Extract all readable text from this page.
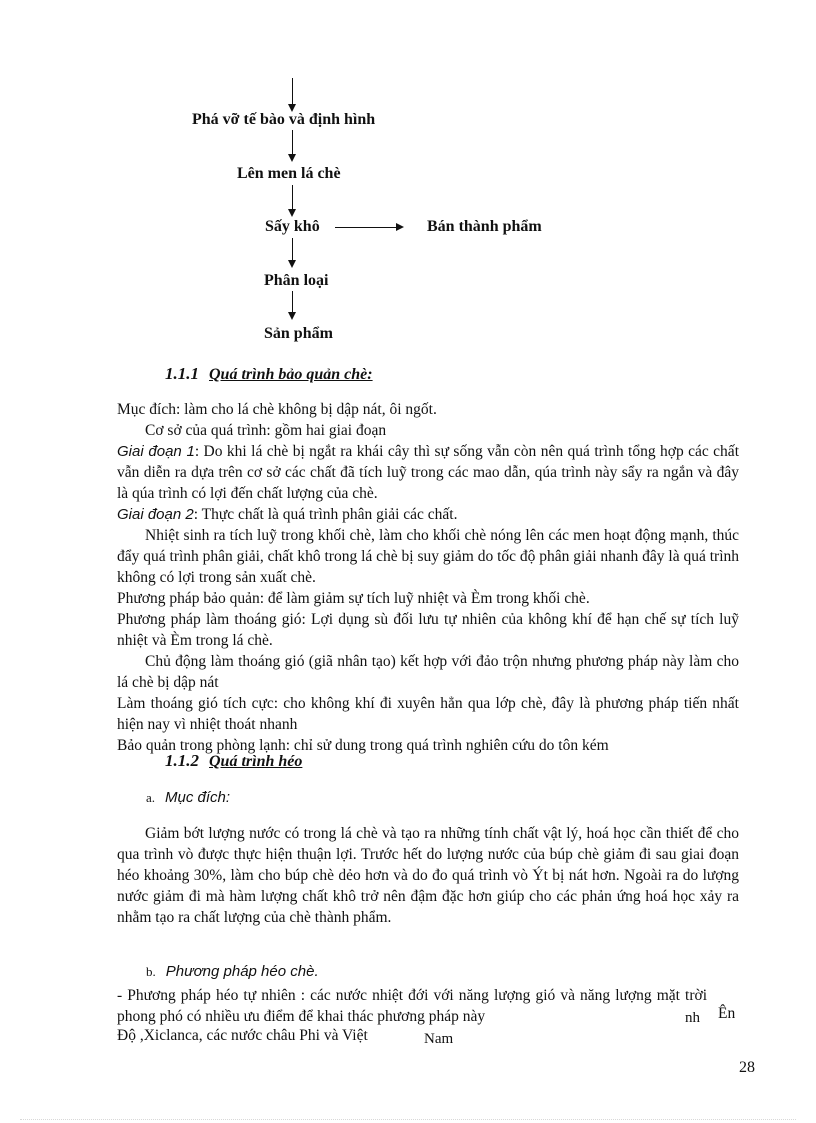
Phá vỡ tế bào và định hình
Lên men lá chè
Sấy khô	Bán thành phẩm
Phân loại
Sản phẩm
1.1.1 Quá trình bảo quản chè:

Mục đích: làm cho lá chè không bị dập nát, ôi ngốt.

Cơ sở của quá trình: gồm hai giai đoạn

Giai đoạn 1: Do khi lá chè bị ngắt ra khái cây thì sự sống vẫn còn nên quá trình tổng hợp các chất vẫn diễn ra dựa trên cơ sở các chất đã tích luỹ trong các mao dẫn, qúa trình này sẩy ra ngắn và đây là qúa trình có lợi đến chất lượng của chè.

Giai đoạn 2: Thực chất là quá trình phân giải các chất.

Nhiệt sinh ra tích luỹ trong khối chè, làm cho khối chè nóng lên các men hoạt động mạnh, thúc đẩy quá trình phân giải, chất khô trong lá chè bị suy giảm do tốc độ phân giải nhanh đây là quá trình không có lợi trong sản xuất chè.

Phương pháp bảo quản: để làm giảm sự tích luỹ nhiệt và Èm trong khối chè.

Phương pháp làm thoáng gió: Lợi dụng sù đối lưu tự nhiên của không khí để hạn chế sự tích luỹ nhiệt và Èm trong lá chè.

Chủ động làm thoáng gió (giã nhân tạo) kết hợp với đảo trộn nhưng phương pháp này làm cho lá chè bị dập nát

Làm thoáng gió tích cực: cho không khí đi xuyên hẳn qua lớp chè, đây là phương pháp tiến nhất hiện nay vì nhiệt thoát nhanh

Bảo quản trong phòng lạnh: chỉ sử dung trong quá trình nghiên cứu do tôn kém

1.1.2 Quá trình héo
a. Mục đích:

Giảm bớt lượng nước có trong lá chè và tạo ra những tính chất vật lý, hoá học cần thiết để cho qua trình vò được thực hiện thuận lợi. Trước hết do lượng nước của búp chè giảm đi sau giai đoạn héo khoảng 30%, làm cho búp chè dẻo hơn và do đo quá trình vò Ýt bị nát hơn. Ngoài ra do lượng nước giảm đi mà hàm lượng chất khô trở nên đậm đặc hơn giúp cho các phản ứng hoá học xảy ra nhằm tạo ra chất lượng của chè thành phẩm.

b. Phương pháp héo chè.

- Phương pháp héo tự nhiên : các nước nhiệt đới với năng lượng gió và năng lượng mặt trời phong phó có nhiều ưu điểm để khai thác phương pháp này	nh Ên
Độ ,Xiclanca, các nước châu Phi và Việt	Nam
28
